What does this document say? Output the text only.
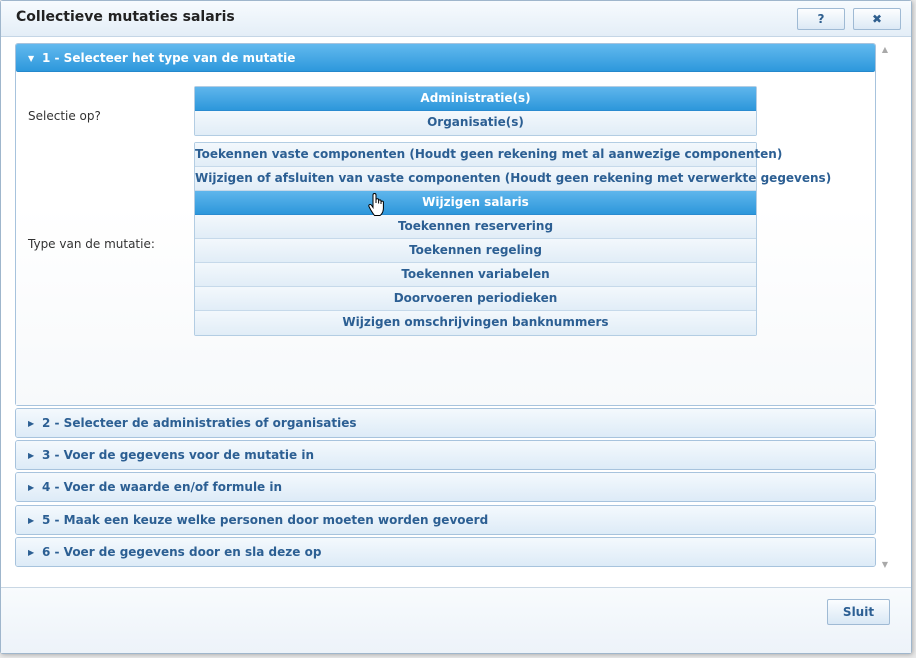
Collectieve mutaties salaris	?	✖
▲
▼
▼ 1 - Selecteer het type van de mutatie
Selectie op?
Administratie(s)
Organisatie(s)
Type van de mutatie:
Toekennen vaste componenten (Houdt geen rekening met al aanwezige componenten)
Wijzigen of afsluiten van vaste componenten (Houdt geen rekening met verwerkte gegevens)
Wijzigen salaris
Toekennen reservering
Toekennen regeling
Toekennen variabelen
Doorvoeren periodieken
Wijzigen omschrijvingen banknummers
▶ 2 - Selecteer de administraties of organisaties
▶ 3 - Voer de gegevens voor de mutatie in
▶ 4 - Voer de waarde en/of formule in
▶ 5 - Maak een keuze welke personen door moeten worden gevoerd
▶ 6 - Voer de gegevens door en sla deze op
Sluit
